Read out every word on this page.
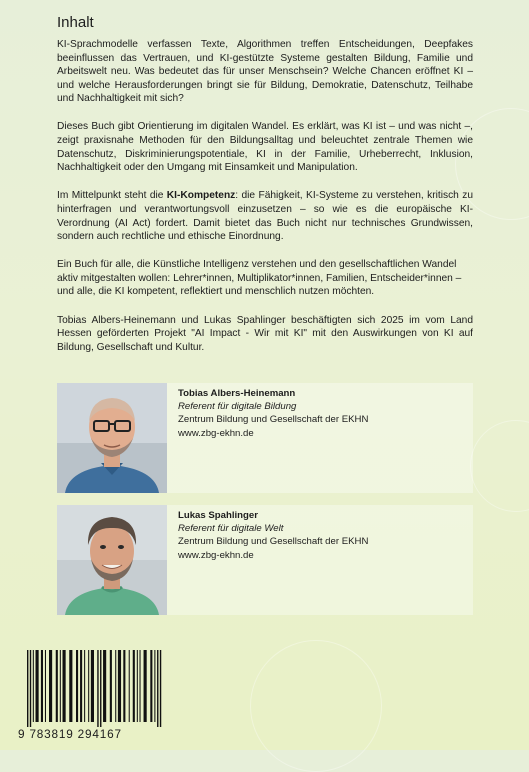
Inhalt

KI-Sprachmodelle verfassen Texte, Algorithmen treffen Entscheidungen, Deepfakes beeinflussen das Vertrauen, und KI-gestützte Systeme gestalten Bildung, Familie und Arbeitswelt neu. Was bedeutet das für unser Menschsein? Welche Chancen eröffnet KI – und welche Herausforderungen bringt sie für Bildung, Demokratie, Datenschutz, Teilhabe und Nachhaltigkeit mit sich?

Dieses Buch gibt Orientierung im digitalen Wandel. Es erklärt, was KI ist – und was nicht –, zeigt praxisnahe Methoden für den Bildungsalltag und beleuchtet zentrale Themen wie Datenschutz, Diskriminierungspotentiale, KI in der Familie, Urheberrecht, Inklusion, Nachhaltigkeit oder den Umgang mit Einsamkeit und Manipulation.

Im Mittelpunkt steht die KI-Kompetenz: die Fähigkeit, KI-Systeme zu verstehen, kritisch zu hinterfragen und verantwortungsvoll einzusetzen – so wie es die europäische KI-Verordnung (AI Act) fordert. Damit bietet das Buch nicht nur technisches Grundwissen, sondern auch rechtliche und ethische Einordnung.

Ein Buch für alle, die Künstliche Intelligenz verstehen und den gesellschaftlichen Wandel aktiv mitgestalten wollen: Lehrer*innen, Multiplikator*innen, Familien, Entscheider*innen – und alle, die KI kompetent, reflektiert und menschlich nutzen möchten.

Tobias Albers-Heinemann und Lukas Spahlinger beschäftigten sich 2025 im vom Land Hessen geförderten Projekt "AI Impact - Wir mit KI" mit den Auswirkungen von KI auf Bildung, Gesellschaft und Kultur.

Tobias Albers-Heinemann
Referent für digitale Bildung
Zentrum Bildung und Gesellschaft der EKHN
www.zbg-ekhn.de
Lukas Spahlinger
Referent für digitale Welt
Zentrum Bildung und Gesellschaft der EKHN
www.zbg-ekhn.de
9 783819 294167
